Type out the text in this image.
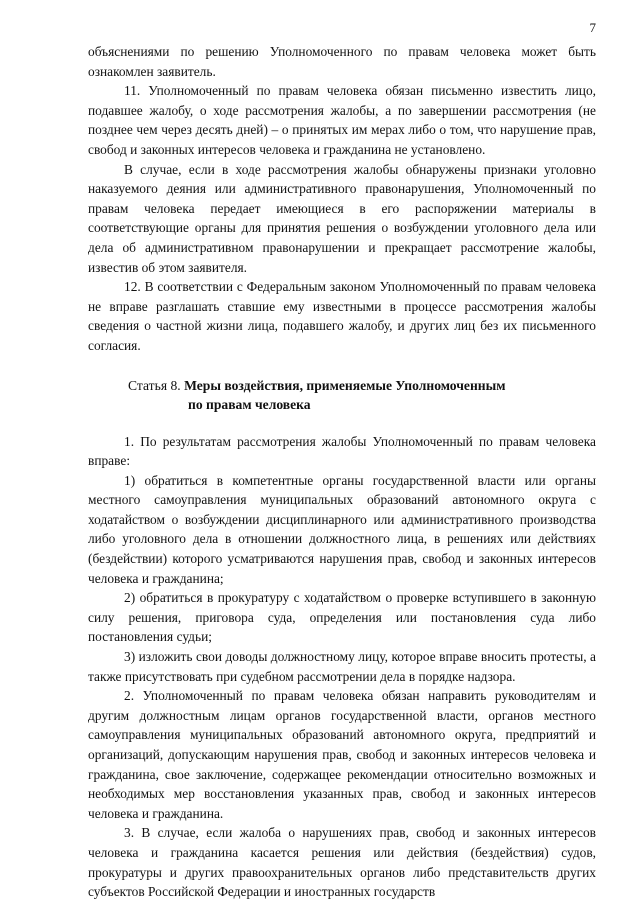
7

объяснениями по решению Уполномоченного по правам человека может быть ознакомлен заявитель.

11. Уполномоченный по правам человека обязан письменно известить лицо, подавшее жалобу, о ходе рассмотрения жалобы, а по завершении рассмотрения (не позднее чем через десять дней) – о принятых им мерах либо о том, что нарушение прав, свобод и законных интересов человека и гражданина не установлено.

В случае, если в ходе рассмотрения жалобы обнаружены признаки уголовно наказуемого деяния или административного правонарушения, Уполномоченный по правам человека передает имеющиеся в его распоряжении материалы в соответствующие органы для принятия решения о возбуждении уголовного дела или дела об административном правонарушении и прекращает рассмотрение жалобы, известив об этом заявителя.

12. В соответствии с Федеральным законом Уполномоченный по правам человека не вправе разглашать ставшие ему известными в процессе рассмотрения жалобы сведения о частной жизни лица, подавшего жалобу, и других лиц без их письменного согласия.

Статья 8. Меры воздействия, применяемые Уполномоченным
по правам человека

1. По результатам рассмотрения жалобы Уполномоченный по правам человека вправе:

1) обратиться в компетентные органы государственной власти или органы местного самоуправления муниципальных образований автономного округа с ходатайством о возбуждении дисциплинарного или административного производства либо уголовного дела в отношении должностного лица, в решениях или действиях (бездействии) которого усматриваются нарушения прав, свобод и законных интересов человека и гражданина;

2) обратиться в прокуратуру с ходатайством о проверке вступившего в законную силу решения, приговора суда, определения или постановления суда либо постановления судьи;

3) изложить свои доводы должностному лицу, которое вправе вносить протесты, а также присутствовать при судебном рассмотрении дела в порядке надзора.

2. Уполномоченный по правам человека обязан направить руководителям и другим должностным лицам органов государственной власти, органов местного самоуправления муниципальных образований автономного округа, предприятий и организаций, допускающим нарушения прав, свобод и законных интересов человека и гражданина, свое заключение, содержащее рекомендации относительно возможных и необходимых мер восстановления указанных прав, свобод и законных интересов человека и гражданина.

3. В случае, если жалоба о нарушениях прав, свобод и законных интересов человека и гражданина касается решения или действия (бездействия) судов, прокуратуры и других правоохранительных органов либо представительств других субъектов Российской Федерации и иностранных государств
